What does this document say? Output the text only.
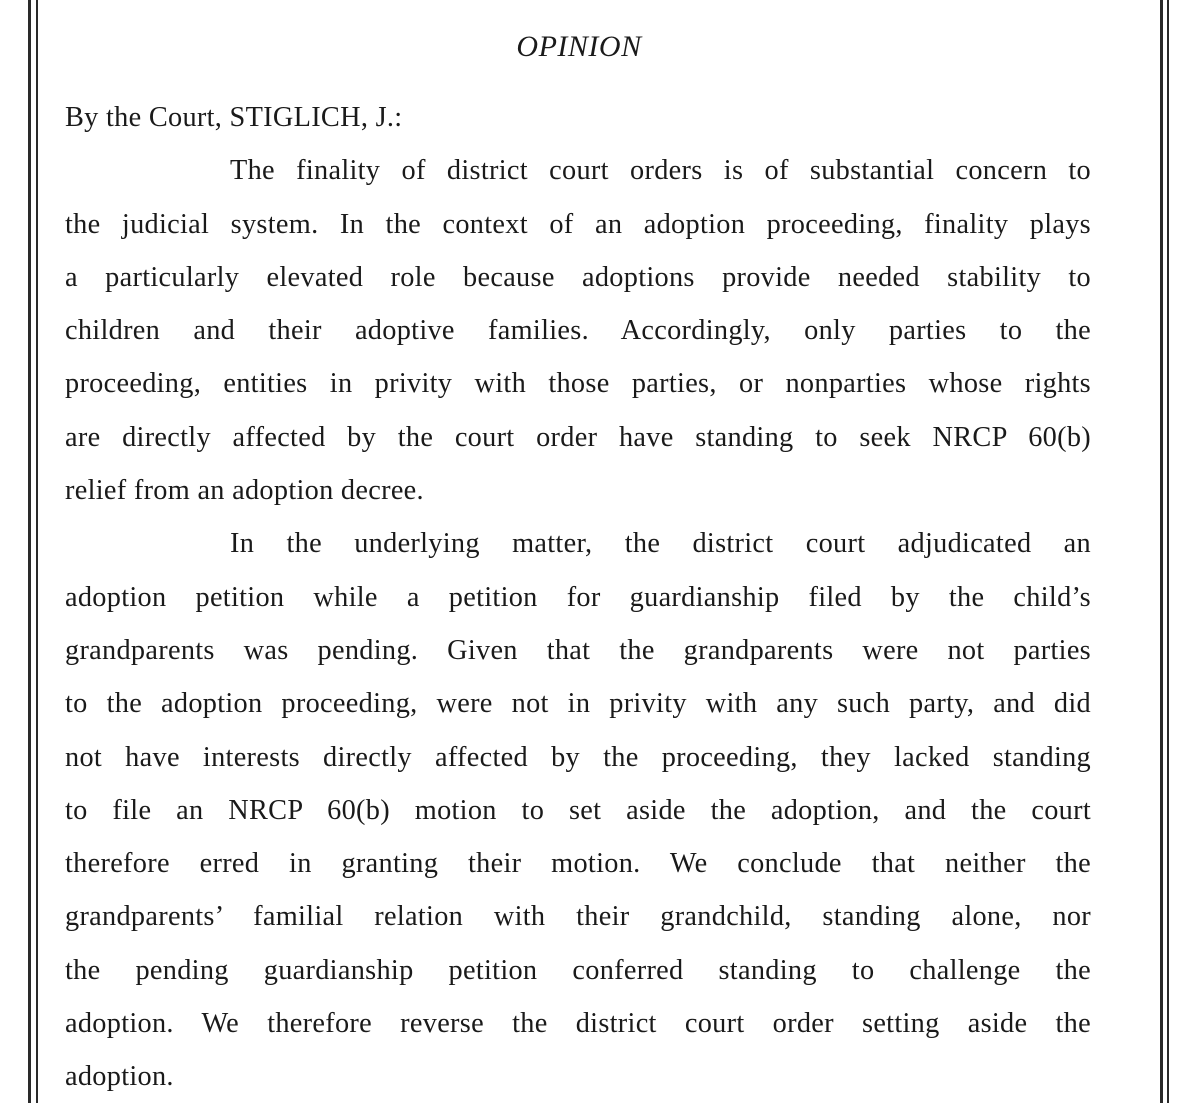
OPINION
By the Court, STIGLICH, J.:
The finality of district court orders is of substantial concern to
the judicial system. In the context of an adoption proceeding, finality plays
a particularly elevated role because adoptions provide needed stability to
children and their adoptive families. Accordingly, only parties to the
proceeding, entities in privity with those parties, or nonparties whose rights
are directly affected by the court order have standing to seek NRCP 60(b)
relief from an adoption decree.
In the underlying matter, the district court adjudicated an
adoption petition while a petition for guardianship filed by the child’s
grandparents was pending. Given that the grandparents were not parties
to the adoption proceeding, were not in privity with any such party, and did
not have interests directly affected by the proceeding, they lacked standing
to file an NRCP 60(b) motion to set aside the adoption, and the court
therefore erred in granting their motion. We conclude that neither the
grandparents’ familial relation with their grandchild, standing alone, nor
the pending guardianship petition conferred standing to challenge the
adoption. We therefore reverse the district court order setting aside the
adoption.
